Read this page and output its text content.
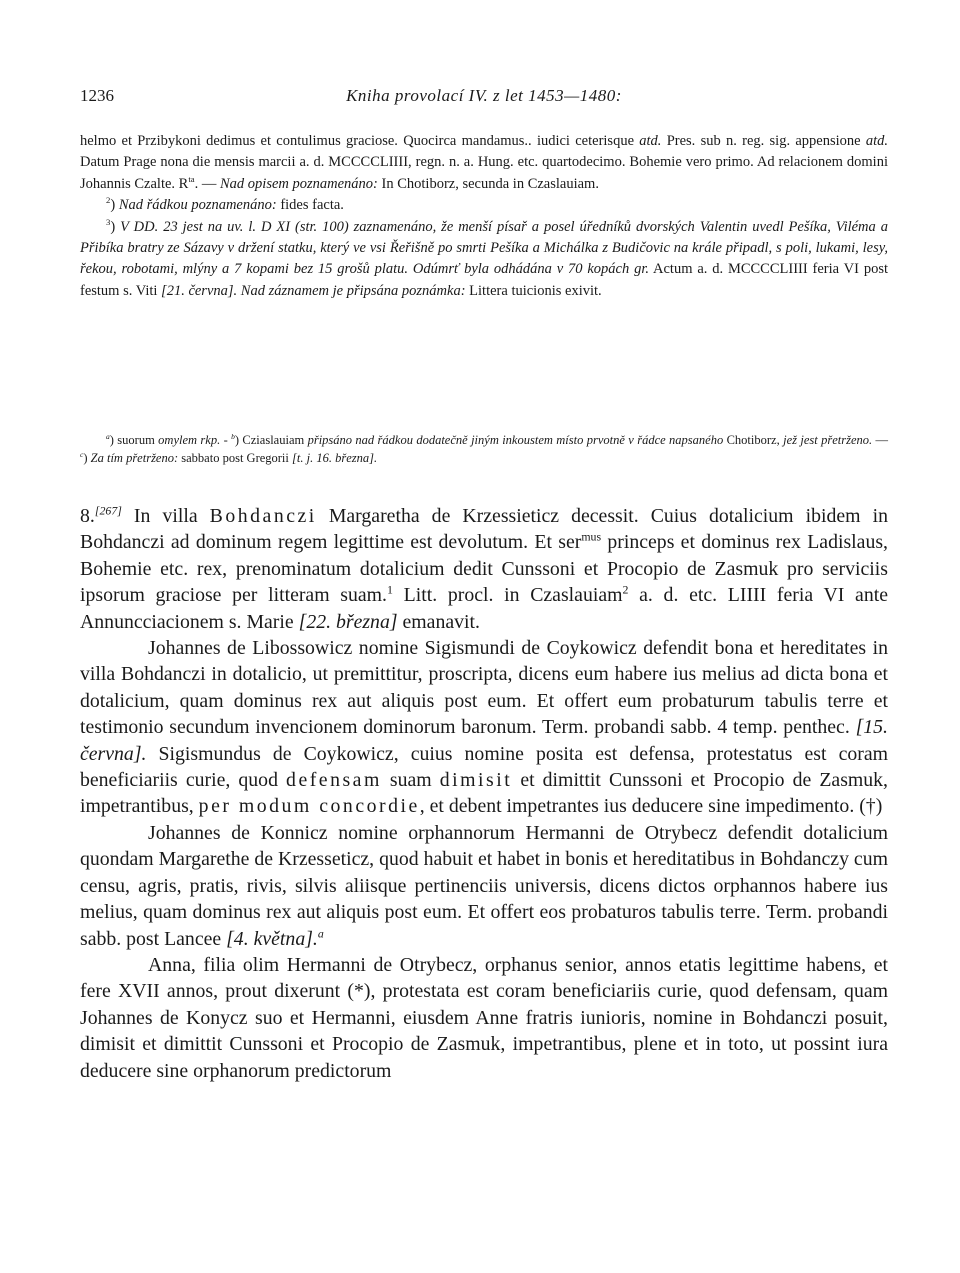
1236	Kniha provolací IV. z let 1453—1480:

helmo et Przibykoni dedimus et contulimus graciose. Quocirca mandamus.. iudici ceterisque atd. Pres. sub n. reg. sig. appensione atd. Datum Prage nona die mensis marcii a. d. MCCCCLIIII, regn. n. a. Hung. etc. quartodecimo. Bohemie vero primo. Ad relacionem domini Johannis Czalte. $R^{ta}$. — Nad opisem poznamenáno: In Chotiborz, secunda in Czaslauiam.

$^2$) Nad řádkou poznamenáno: fides facta.

$^3$) V DD. 23 jest na uv. l. D XI (str. 100) zaznamenáno, že menší písař a posel úředníků dvorských Valentin uvedl Pešíka, Viléma a Přibíka bratry ze Sázavy v držení statku, který ve vsi Řeřišně po smrti Pešíka a Michálka z Budičovic na krále připadl, s poli, lukami, lesy, řekou, robotami, mlýny a 7 kopami bez 15 grošů platu. Odúmrť byla odhádána v 70 kopách gr. Actum a. d. MCCCCLIIII feria VI post festum s. Viti [21. června]. Nad záznamem je připsána poznámka: Littera tuicionis exivit.

$^a$) suorum omylem rkp. - $^b$) Cziaslauiam připsáno nad řádkou dodatečně jiným inkoustem místo prvotně v řádce napsaného Chotiborz, jež jest přetrženo. — $^c$) Za tím přetrženo: sabbato post Gregorii [t. j. 16. března].

8.[267] In villa Bohdanczi Margaretha de Krzessieticz decessit. Cuius dotalicium ibidem in Bohdanczi ad dominum regem legittime est devolutum. Et ser$^{mus}$ princeps et dominus rex Ladislaus, Bohemie etc. rex, prenominatum dotalicium dedit Cunssoni et Procopio de Zasmuk pro serviciis ipsorum graciose per litteram suam.$^1$ Litt. procl. in Czaslauiam$^2$ a. d. etc. LIIII feria VI ante Annuncciacionem s. Marie [22. března] emanavit.

Johannes de Libossowicz nomine Sigismundi de Coykowicz defendit bona et hereditates in villa Bohdanczi in dotalicio, ut premittitur, proscripta, dicens eum habere ius melius ad dicta bona et dotalicium, quam dominus rex aut aliquis post eum. Et offert eum probaturum tabulis terre et testimonio secundum invencionem dominorum baronum. Term. probandi sabb. 4 temp. penthec. [15. června]. Sigismundus de Coykowicz, cuius nomine posita est defensa, protestatus est coram beneficiariis curie, quod defensam suam dimisit et dimittit Cunssoni et Procopio de Zasmuk, impetrantibus, per modum concordie, et debent impetrantes ius deducere sine impedimento. (†)

Johannes de Konnicz nomine orphannorum Hermanni de Otrybecz defendit dotalicium quondam Margarethe de Krzesseticz, quod habuit et habet in bonis et hereditatibus in Bohdanczy cum censu, agris, pratis, rivis, silvis aliisque pertinenciis universis, dicens dictos orphannos habere ius melius, quam dominus rex aut aliquis post eum. Et offert eos probaturos tabulis terre. Term. probandi sabb. post Lancee [4. května].$^a$

Anna, filia olim Hermanni de Otrybecz, orphanus senior, annos etatis legittime habens, et fere XVII annos, prout dixerunt (*), protestata est coram beneficiariis curie, quod defensam, quam Johannes de Konycz suo et Hermanni, eiusdem Anne fratris iunioris, nomine in Bohdanczi posuit, dimisit et dimittit Cunssoni et Procopio de Zasmuk, impetrantibus, plene et in toto, ut possint iura deducere sine orphanorum predictorum
